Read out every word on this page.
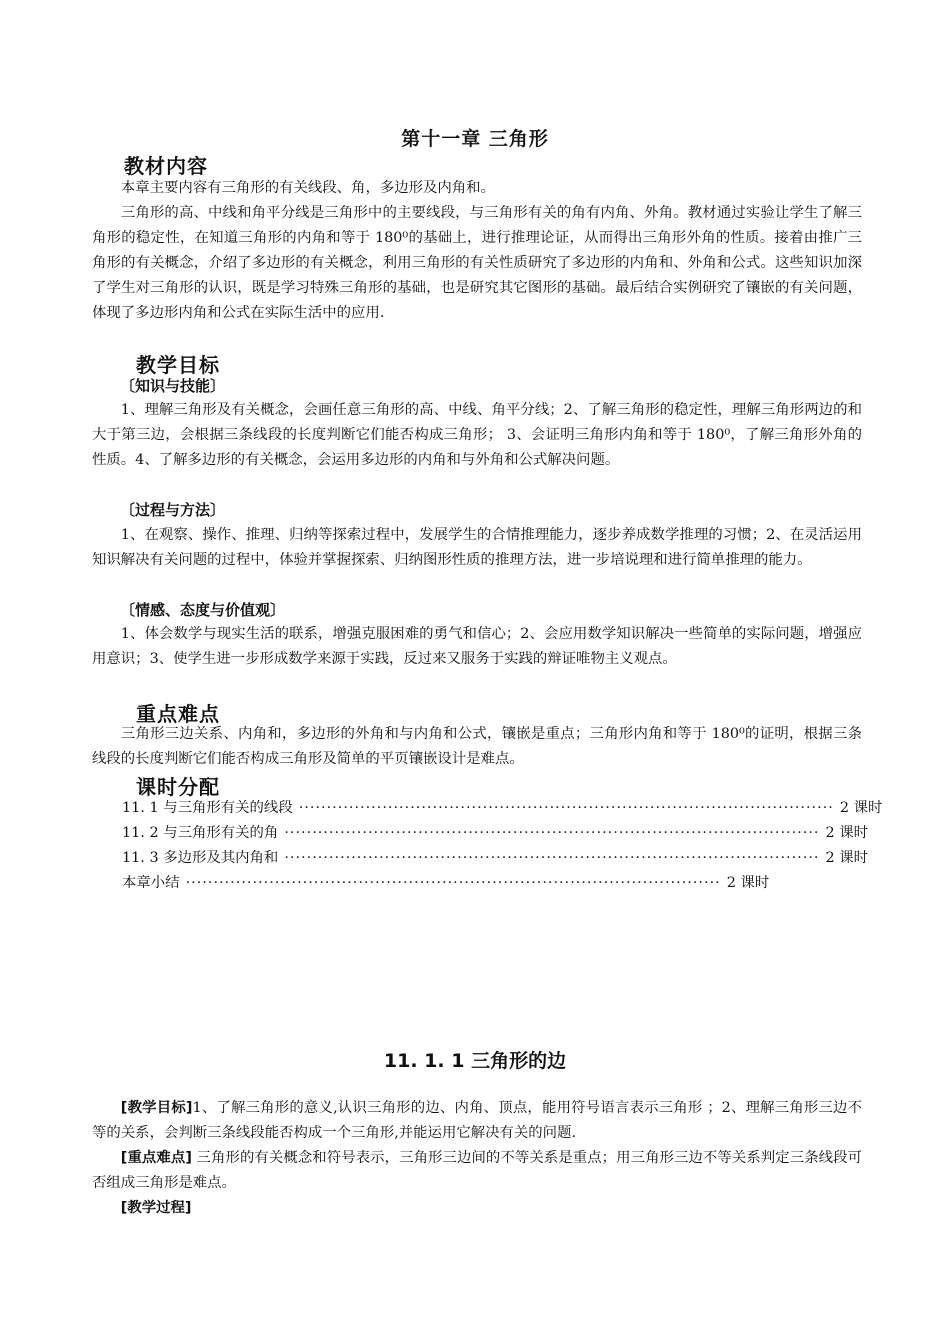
第十一章 三角形
教材内容

本章主要内容有三角形的有关线段、角，多边形及内角和。

三角形的高、中线和角平分线是三角形中的主要线段，与三角形有关的角有内角、外角。教材通过实验让学生了解三角形的稳定性，在知道三角形的内角和等于 180⁰的基础上，进行推理论证，从而得出三角形外角的性质。接着由推广三角形的有关概念，介绍了多边形的有关概念，利用三角形的有关性质研究了多边形的内角和、外角和公式。这些知识加深了学生对三角形的认识，既是学习特殊三角形的基础，也是研究其它图形的基础。最后结合实例研究了镶嵌的有关问题，体现了多边形内角和公式在实际生活中的应用.

教学目标
〔知识与技能〕

1、理解三角形及有关概念，会画任意三角形的高、中线、角平分线；2、了解三角形的稳定性，理解三角形两边的和大于第三边，会根据三条线段的长度判断它们能否构成三角形； 3、会证明三角形内角和等于 180⁰，了解三角形外角的性质。4、了解多边形的有关概念，会运用多边形的内角和与外角和公式解决问题。

〔过程与方法〕

1、在观察、操作、推理、归纳等探索过程中，发展学生的合情推理能力，逐步养成数学推理的习惯；2、在灵活运用知识解决有关问题的过程中，体验并掌握探索、归纳图形性质的推理方法，进一步培说理和进行简单推理的能力。

〔情感、态度与价值观〕

1、体会数学与现实生活的联系，增强克服困难的勇气和信心；2、会应用数学知识解决一些简单的实际问题，增强应用意识；3、使学生进一步形成数学来源于实践，反过来又服务于实践的辩证唯物主义观点。

重点难点

三角形三边关系、内角和，多边形的外角和与内角和公式，镶嵌是重点；三角形内角和等于 180⁰的证明，根据三条线段的长度判断它们能否构成三角形及简单的平页镶嵌设计是难点。

课时分配
11. 1 与三角形有关的线段 ································································································ 2 课时
11. 2 与三角形有关的角 ································································································ 2 课时
11. 3 多边形及其内角和 ································································································ 2 课时
本章小结 ································································································ 2 课时
11. 1. 1 三角形的边

[教学目标]1、了解三角形的意义,认识三角形的边、内角、顶点，能用符号语言表示三角形 ；2、理解三角形三边不等的关系，会判断三条线段能否构成一个三角形,并能运用它解决有关的问题.

[重点难点] 三角形的有关概念和符号表示，三角形三边间的不等关系是重点；用三角形三边不等关系判定三条线段可否组成三角形是难点。

[教学过程]
